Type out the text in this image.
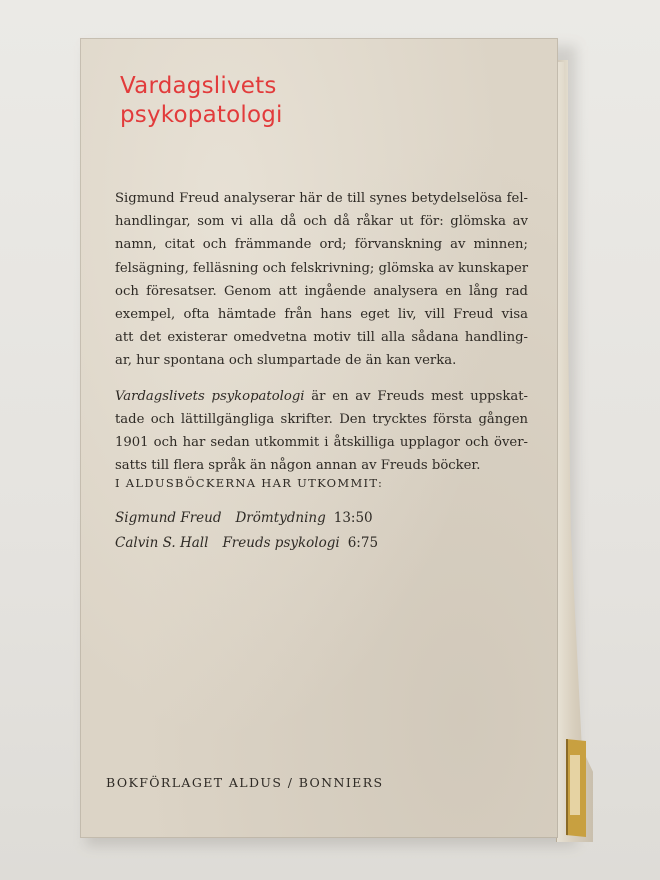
Vardagslivets
psykopatologi

Sigmund Freud analyserar här de till synes betydelselösa fel-
handlingar, som vi alla då och då råkar ut för: glömska av
namn, citat och främmande ord; förvanskning av minnen;
felsägning, felläsning och felskrivning; glömska av kunskaper
och föresatser. Genom att ingående analysera en lång rad
exempel, ofta hämtade från hans eget liv, vill Freud visa
att det existerar omedvetna motiv till alla sådana handling-
ar, hur spontana och slumpartade de än kan verka.

Vardagslivets psykopatologi är en av Freuds mest uppskat-
tade och lättillgängliga skrifter. Den trycktes första gången
1901 och har sedan utkommit i åtskilliga upplagor och över-
satts till flera språk än någon annan av Freuds böcker.

I ALDUSBÖCKERNA HAR UTKOMMIT:
Sigmund Freud Drömtydning 13:50
Calvin S. Hall Freuds psykologi 6:75
BOKFÖRLAGET ALDUS / BONNIERS
